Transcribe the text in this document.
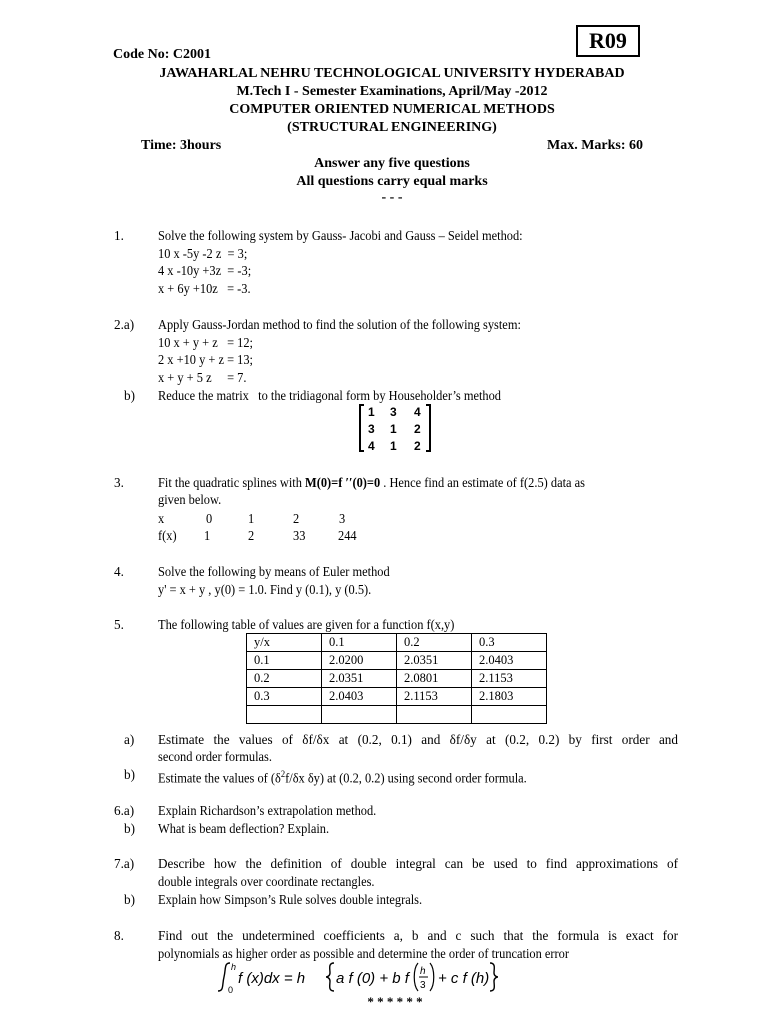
R09
Code No: C2001
JAWAHARLAL NEHRU TECHNOLOGICAL UNIVERSITY HYDERABAD
M.Tech I - Semester Examinations, April/May -2012
COMPUTER ORIENTED NUMERICAL METHODS
(STRUCTURAL ENGINEERING)
Time: 3hours	Max. Marks: 60
Answer any five questions
All questions carry equal marks
- - -
1.	Solve the following system by Gauss- Jacobi and Gauss – Seidel method:
10 x -5y -2 z  = 3;
4 x -10y +3z  = -3;
x + 6y +10z   = -3.
2.a) Apply Gauss-Jordan method to find the solution of the following system:
10 x + y + z   = 12;
2 x +10 y + z = 13;
x + y + 5 z     = 7.
b) Reduce the matrix   to the tridiagonal form by Householder’s method
1 3 4
3 1 2
4 1 2
3.	Fit the quadratic splines with M(0)=f ′′(0)=0 . Hence find an estimate of f(2.5) data as
given below.
x	0	1	2	3
f(x) 1	2	33 244
4.	Solve the following by means of Euler method
y' = x + y , y(0) = 1.0. Find y (0.1), y (0.5).
5.	The following table of values are given for a function f(x,y)
y/x	0.1	0.2	0.3
0.1	2.0200	2.0351	2.0403
0.2	2.0351	2.0801	2.1153
0.3	2.0403	2.1153	2.1803

a) Estimate the values of δf/δx at (0.2, 0.1) and δf/δy at (0.2, 0.2) by first order and
second order formulas.
b) Estimate the values of ($\delta^2f/\delta x$ δy) at (0.2, 0.2) using second order formula.
6.a) Explain Richardson’s extrapolation method.
b) What is beam deflection? Explain.
7.a) Describe how the definition of double integral can be used to find approximations of
double integrals over coordinate rectangles.
b) Explain how Simpson’s Rule solves double integrals.
8.	Find out the undetermined coefficients a, b and c such that the formula is exact for
polynomials as higher order as possible and determine the order of truncation error
h
0
f (x)dx = h a f (0) + b f h
3 + c f (h)
* * * * * *
